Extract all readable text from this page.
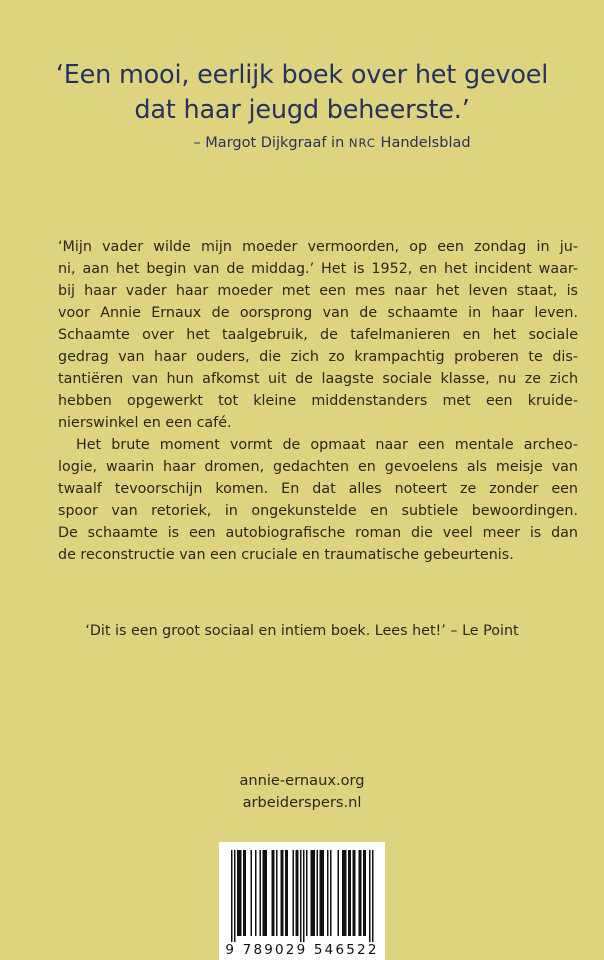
‘Een mooi, eerlijk boek over het gevoel
dat haar jeugd beheerste.’
– Margot Dijkgraaf in NRC Handelsblad
‘Mijn vader wilde mijn moeder vermoorden, op een zondag in ju-
ni, aan het begin van de middag.’ Het is 1952, en het incident waar-
bij haar vader haar moeder met een mes naar het leven staat, is
voor Annie Ernaux de oorsprong van de schaamte in haar leven.
Schaamte over het taalgebruik, de tafelmanieren en het sociale
gedrag van haar ouders, die zich zo krampachtig proberen te dis-
tantiëren van hun afkomst uit de laagste sociale klasse, nu ze zich
hebben opgewerkt tot kleine middenstanders met een kruide-
nierswinkel en een café.
Het brute moment vormt de opmaat naar een mentale archeo-
logie, waarin haar dromen, gedachten en gevoelens als meisje van
twaalf tevoorschijn komen. En dat alles noteert ze zonder een
spoor van retoriek, in ongekunstelde en subtiele bewoordingen.
De schaamte is een autobiografische roman die veel meer is dan
de reconstructie van een cruciale en traumatische gebeurtenis.
‘Dit is een groot sociaal en intiem boek. Lees het!’ – Le Point
annie-ernaux.org
arbeiderspers.nl
9 789029 546522
